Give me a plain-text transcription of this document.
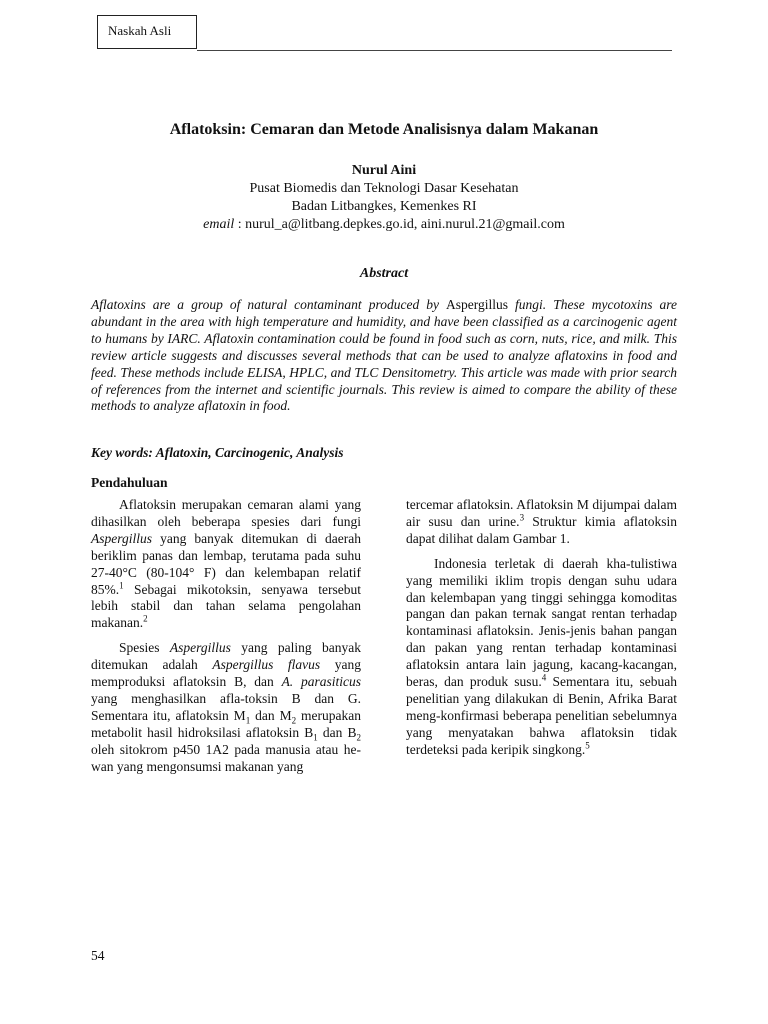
Naskah Asli
Aflatoksin: Cemaran dan Metode Analisisnya dalam Makanan
Nurul Aini
Pusat Biomedis dan Teknologi Dasar Kesehatan
Badan Litbangkes, Kemenkes RI
email : nurul_a@litbang.depkes.go.id, aini.nurul.21@gmail.com
Abstract

Aflatoxins are a group of natural contaminant produced by Aspergillus fungi. These mycotoxins are abundant in the area with high temperature and humidity, and have been classified as a carcinogenic agent to humans by IARC. Aflatoxin contamination could be found in food such as corn, nuts, rice, and milk. This review article suggests and discusses several methods that can be used to analyze aflatoxins in food and feed. These methods include ELISA, HPLC, and TLC Densitometry. This article was made with prior search of references from the internet and scientific journals. This review is aimed to compare the ability of these methods to analyze aflatoxin in food.

Key words: Aflatoxin, Carcinogenic, Analysis
Pendahuluan

Aflatoksin merupakan cemaran alami yang dihasilkan oleh beberapa spesies dari fungi Aspergillus yang banyak ditemukan di daerah beriklim panas dan lembap, terutama pada suhu 27-40°C (80-104° F) dan kelembapan relatif 85%.$^1$ Sebagai mikotoksin, senyawa tersebut lebih stabil dan tahan selama pengolahan makanan.$^2$

Spesies Aspergillus yang paling banyak ditemukan adalah Aspergillus flavus yang memproduksi aflatoksin B, dan A. parasiticus yang menghasilkan afla-toksin B dan G. Sementara itu, aflatoksin $M_1$ dan $M_2$ merupakan metabolit hasil hidroksilasi aflatoksin $B_1$ dan $B_2$ oleh sitokrom p450 1A2 pada manusia atau he-wan yang mengonsumsi makanan yang

tercemar aflatoksin. Aflatoksin M dijumpai dalam air susu dan urine.$^3$ Struktur kimia aflatoksin dapat dilihat dalam Gambar 1.

Indonesia terletak di daerah kha-tulistiwa yang memiliki iklim tropis dengan suhu udara dan kelembapan yang tinggi sehingga komoditas pangan dan pakan ternak sangat rentan terhadap kontaminasi aflatoksin. Jenis-jenis bahan pangan dan pakan yang rentan terhadap kontaminasi aflatoksin antara lain jagung, kacang-kacangan, beras, dan produk susu.$^4$ Sementara itu, sebuah penelitian yang dilakukan di Benin, Afrika Barat meng-konfirmasi beberapa penelitian sebelumnya yang menyatakan bahwa aflatoksin tidak terdeteksi pada keripik singkong.$^5$

54
